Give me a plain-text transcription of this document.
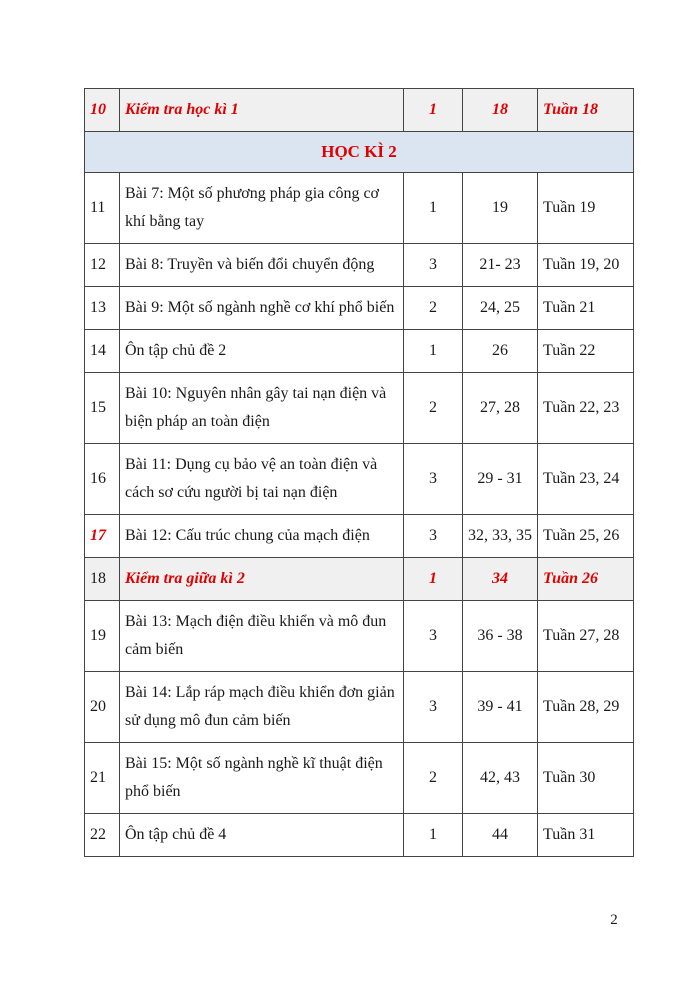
10	Kiểm tra học kì 1	1	18	Tuần 18
HỌC KÌ 2				
11	Bài 7: Một số phương pháp gia công cơ khí bằng tay	1	19	Tuần 19
12	Bài 8: Truyền và biến đổi chuyển động	3	21- 23	Tuần 19, 20
13	Bài 9: Một số ngành nghề cơ khí phổ biến	2	24, 25	Tuần 21
14	Ôn tập chủ đề 2	1	26	Tuần 22
15	Bài 10: Nguyên nhân gây tai nạn điện và biện pháp an toàn điện	2	27, 28	Tuần 22, 23
16	Bài 11: Dụng cụ bảo vệ an toàn điện và cách sơ cứu người bị tai nạn điện	3	29 - 31	Tuần 23, 24
17	Bài 12: Cấu trúc chung của mạch điện	3	32, 33, 35	Tuần 25, 26
18	Kiểm tra giữa kì 2	1	34	Tuần 26
19	Bài 13: Mạch điện điều khiển và mô đun cảm biến	3	36 - 38	Tuần 27, 28
20	Bài 14: Lắp ráp mạch điều khiển đơn giản sử dụng mô đun cảm biến	3	39 - 41	Tuần 28, 29
21	Bài 15: Một số ngành nghề kĩ thuật điện phổ biến	2	42, 43	Tuần 30
22	Ôn tập chủ đề 4	1	44	Tuần 31
2
